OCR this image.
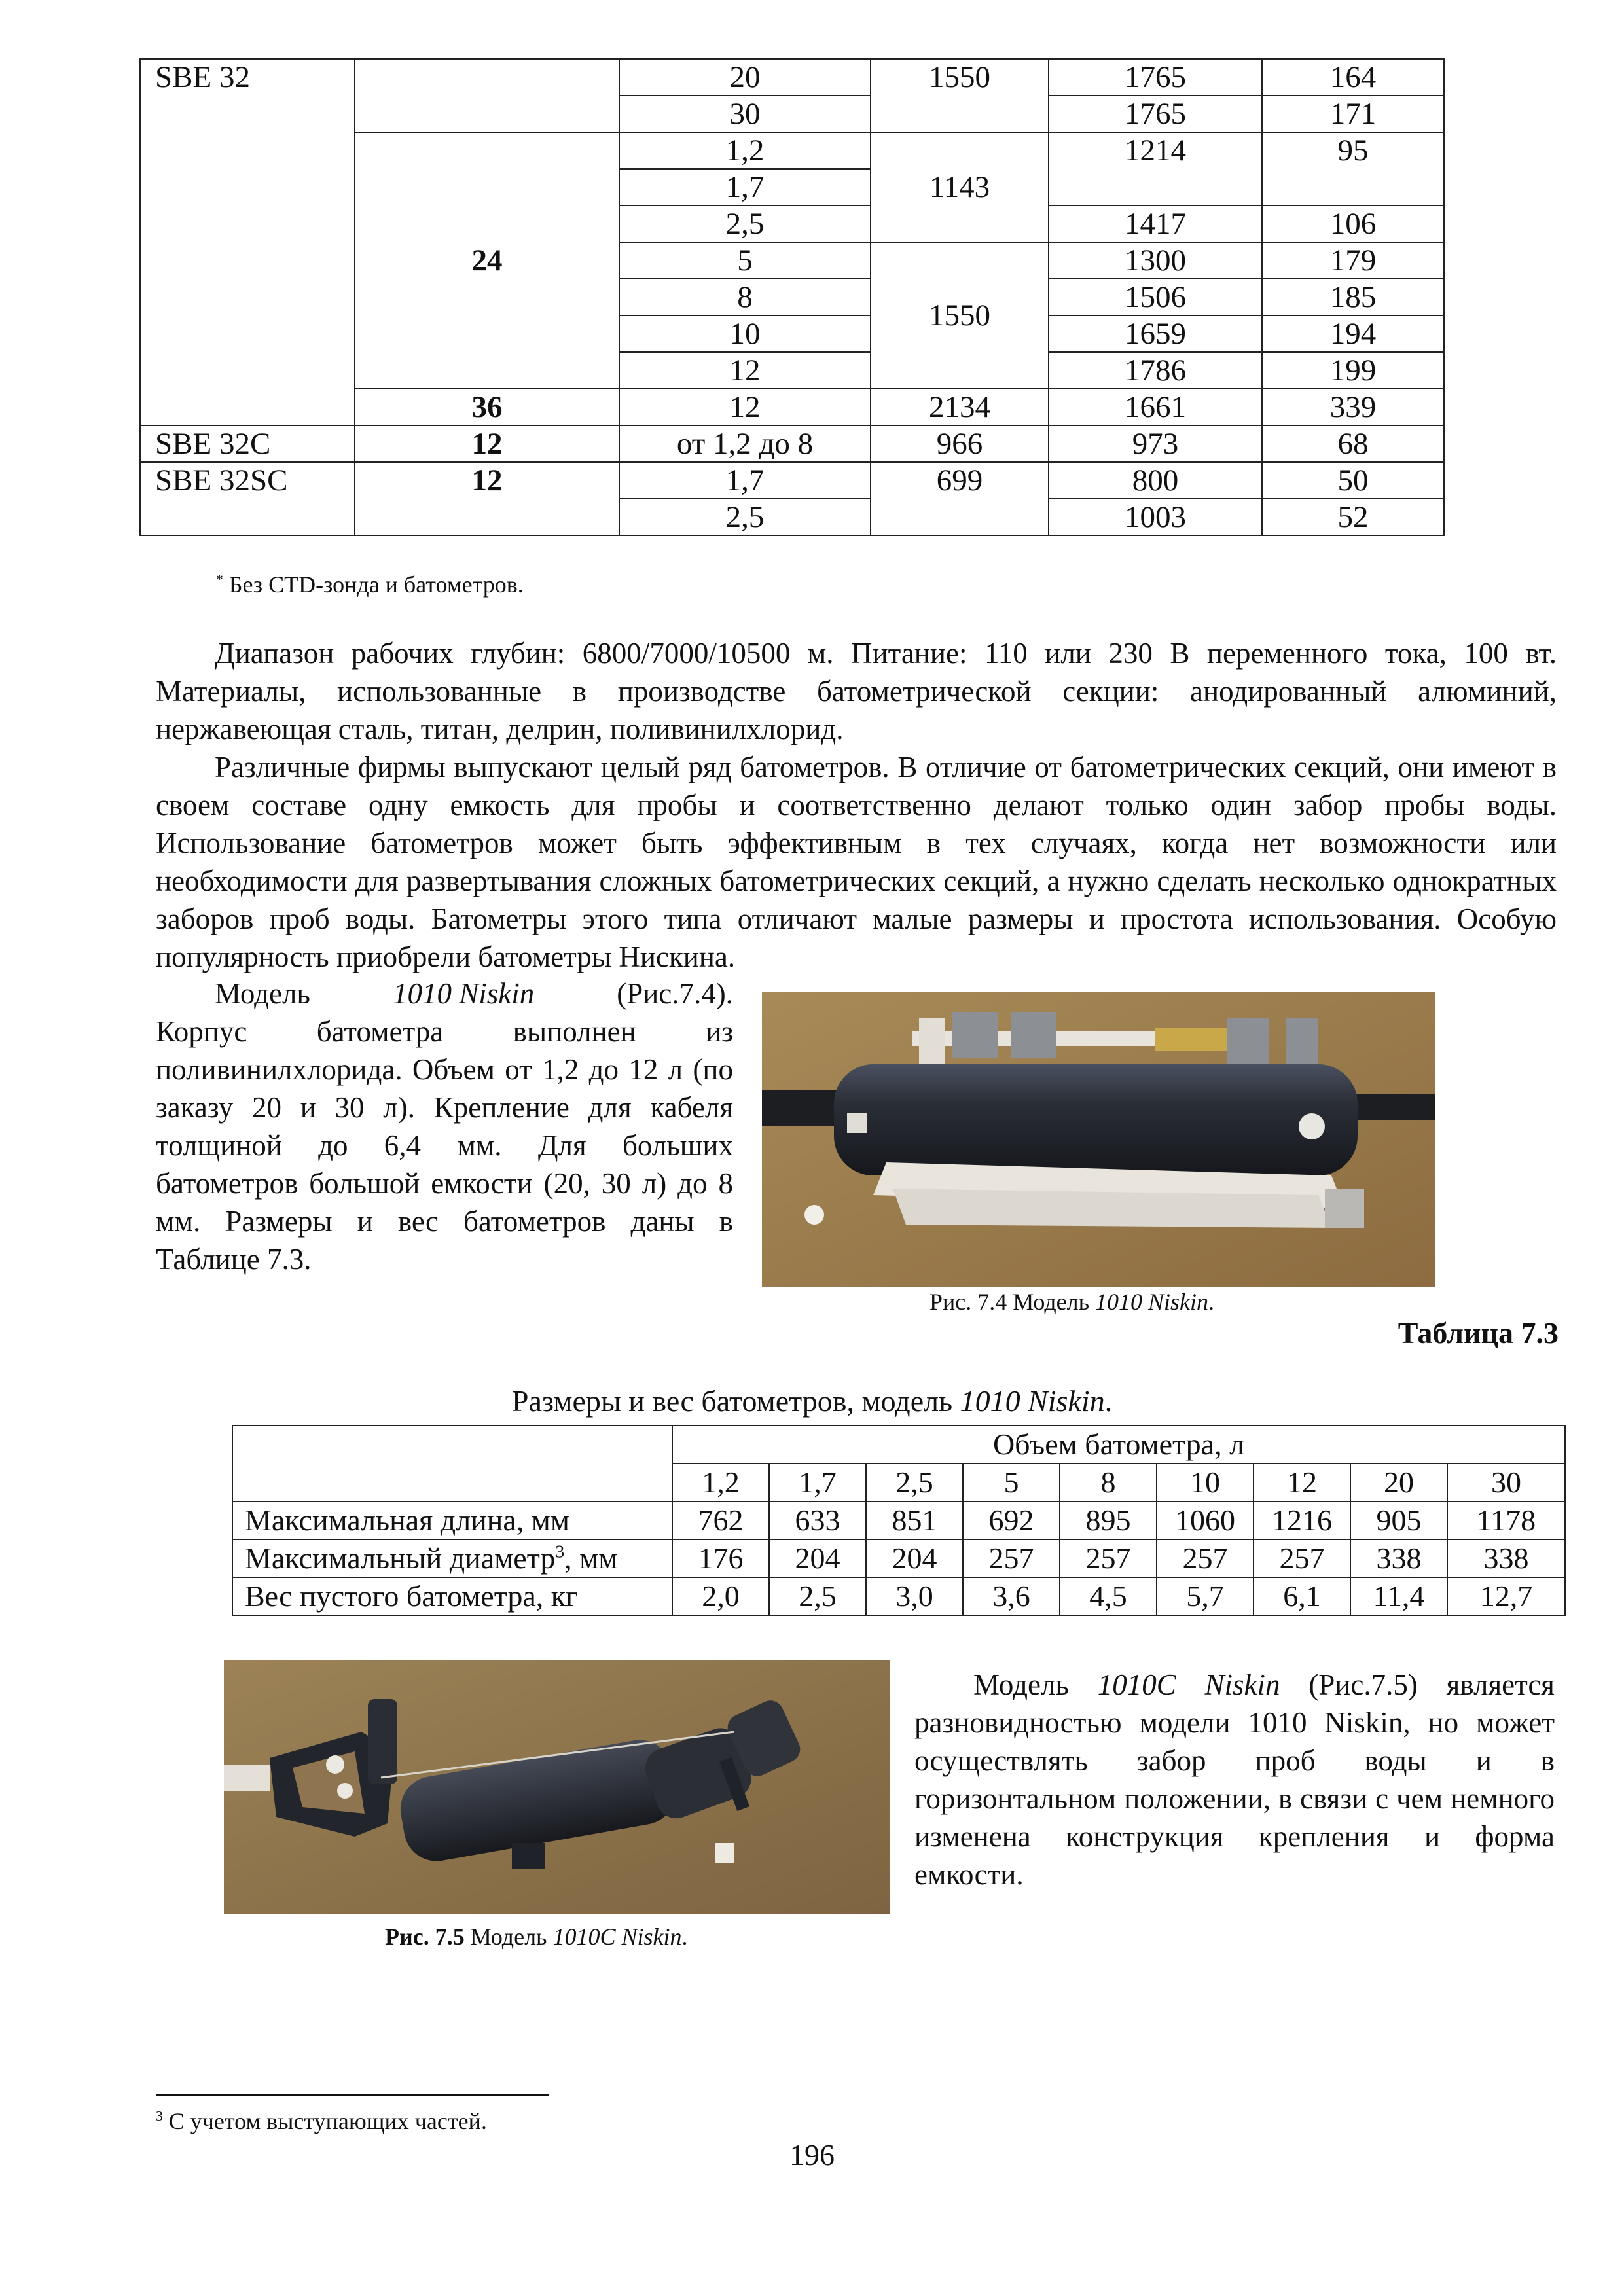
SBE 32		20	1550	1765	164
		30		1765	171
	24	1,2	1143	1214	95
		1,7			
		2,5		1417	106
		5	1550	1300	179
		8		1506	185
		10		1659	194
		12		1786	199
	36	12	2134	1661	339
SBE 32C	12	от 1,2 до 8	966	973	68
SBE 32SC	12	1,7	699	800	50
		2,5		1003	52
* Без CTD-зонда и батометров.

Диапазон рабочих глубин: 6800/7000/10500 м. Питание: 110 или 230 В переменного тока, 100 вт. Материалы, использованные в производстве батометрической секции: анодированный алюминий, нержавеющая сталь, титан, делрин, поливинилхлорид.

Различные фирмы выпускают целый ряд батометров. В отличие от батометрических секций, они имеют в своем составе одну емкость для пробы и соответственно делают только один забор пробы воды. Использование батометров может быть эффективным в тех случаях, когда нет возможности или необходимости для развертывания сложных батометрических секций, а нужно сделать несколько однократных заборов проб воды. Батометры этого типа отличают малые размеры и простота использования. Особую популярность приобрели батометры Нискина.

Модель	1010 Niskin	(Рис.7.4).
Корпус батометра выполнен из поливинилхлорида. Объем от 1,2 до 12 л (по заказу 20 и 30 л). Крепление для кабеля толщиной до 6,4 мм. Для больших батометров большой емкости (20, 30 л) до 8 мм. Размеры и вес батометров даны в Таблице 7.3.
Рис. 7.4 Модель 1010 Niskin.
Таблица 7.3
Размеры и вес батометров, модель 1010 Niskin.
	Объем батометра, л								
	1,2	1,7	2,5	5	8	10	12	20	30
Максимальная длина, мм	762	633	851	692	895	1060	1216	905	1178
Максимальный диаметр$^3$, мм	176	204	204	257	257	257	257	338	338
Вес пустого батометра, кг	2,0	2,5	3,0	3,6	4,5	5,7	6,1	11,4	12,7
Рис. 7.5 Модель 1010C Niskin.

Модель 1010C Niskin (Рис.7.5) является разновидностью модели 1010 Niskin, но может осуществлять забор проб воды и в горизонтальном положении, в связи с чем немного изменена конструкция крепления и форма емкости.

$^3$ С учетом выступающих частей.
196
